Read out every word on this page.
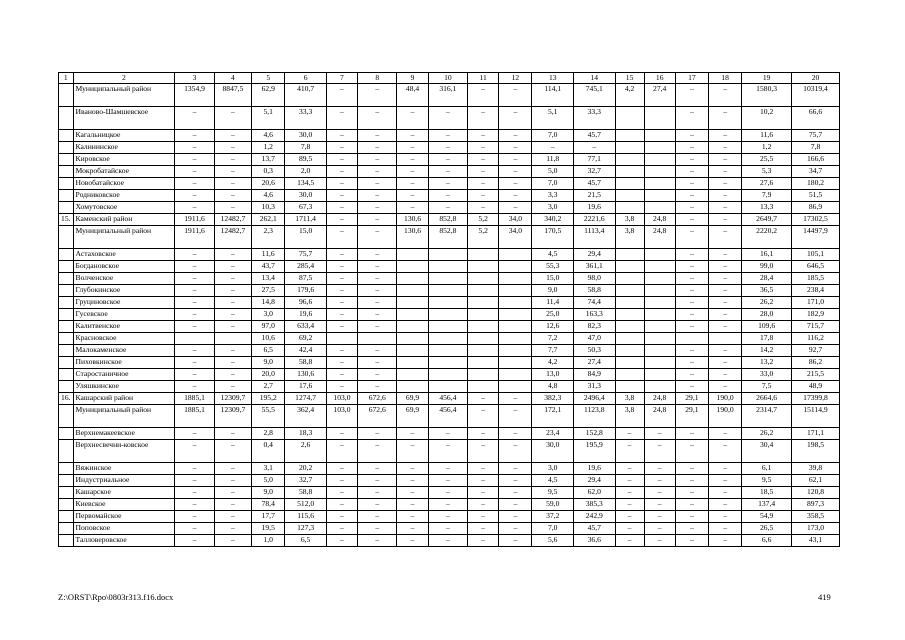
1	2	3	4	5	6	7	8	9	10	11	12	13	14	15	16	17	18	19	20
	Муниципальный район	1354,9	8847,5	62,9	410,7	–	–	48,4	316,1	–	–	114,1	745,1	4,2	27,4	–	–	1580,3	10319,4
	Иваново-Шамшевское	–	–	5,1	33,3	–	–	–	–	–	–	5,1	33,3			–	–	10,2	66,6
	Кагальницкое	–	–	4,6	30,0	–	–	–	–	–	–	7,0	45,7			–	–	11,6	75,7
	Калининское	–	–	1,2	7,8	–	–	–	–	–	–	–	–			–	–	1,2	7,8
	Кировское	–	–	13,7	89,5	–	–	–	–	–	–	11,8	77,1			–	–	25,5	166,6
	Мокробатайское	–	–	0,3	2,0	–	–	–	–	–	–	5,0	32,7			–	–	5,3	34,7
	Новобатайское	–	–	20,6	134,5	–	–	–	–	–	–	7,0	45,7			–	–	27,6	180,2
	Родниковское	–	–	4,6	30,0	–	–	–	–	–	–	3,3	21,5			–	–	7,9	51,5
	Хомутовское	–	–	10,3	67,3	–	–	–	–	–	–	3,0	19,6			–	–	13,3	86,9
15.	Каменский район	1911,6	12482,7	262,1	1711,4	–	–	130,6	852,8	5,2	34,0	340,2	2221,6	3,8	24,8	–	–	2649,7	17302,5
	Муниципальный район	1911,6	12482,7	2,3	15,0	–	–	130,6	852,8	5,2	34,0	170,5	1113,4	3,8	24,8	–	–	2220,2	14497,9
	Астаховское	–	–	11,6	75,7	–	–					4,5	29,4			–	–	16,1	105,1
	Богдановское	–	–	43,7	285,4	–	–					55,3	361,1			–	–	99,0	646,5
	Волченское	–	–	13,4	87,5	–	–					15,0	98,0			–	–	28,4	185,5
	Глубокинское	–	–	27,5	179,6	–	–					9,0	58,8			–	–	36,5	238,4
	Груциновское	–	–	14,8	96,6	–	–					11,4	74,4			–	–	26,2	171,0
	Гусевское	–	–	3,0	19,6	–	–					25,0	163,3			–	–	28,0	182,9
	Калитвенское	–	–	97,0	633,4	–	–					12,6	82,3			–	–	109,6	715,7
	Красновское			10,6	69,2							7,2	47,0					17,8	116,2
	Малокаменское	–	–	6,5	42,4	–	–					7,7	50,3			–	–	14,2	92,7
	Пиховкинское	–	–	9,0	58,8	–	–					4,2	27,4			–	–	13,2	86,2
	Старостаничное	–	–	20,0	130,6	–	–					13,0	84,9			–	–	33,0	215,5
	Уляшкинское	–	–	2,7	17,6	–	–					4,8	31,3			–	–	7,5	48,9
16.	Кашарский район	1885,1	12309,7	195,2	1274,7	103,0	672,6	69,9	456,4	–	–	382,3	2496,4	3,8	24,8	29,1	190,0	2664,6	17399,8
	Муниципальный район	1885,1	12309,7	55,5	362,4	103,0	672,6	69,9	456,4	–	–	172,1	1123,8	3,8	24,8	29,1	190,0	2314,7	15114,9
	Верхнемакеевское	–	–	2,8	18,3	–	–	–	–	–	–	23,4	152,8	–	–	–	–	26,2	171,1
	Верхнесвечни-ковское	–	–	0,4	2,6	–	–	–	–	–	–	30,0	195,9	–	–	–	–	30,4	198,5
	Вяжинское	–	–	3,1	20,2	–	–	–	–	–	–	3,0	19,6	–	–	–	–	6,1	39,8
	Индустриальное	–	–	5,0	32,7	–	–	–	–	–	–	4,5	29,4	–	–	–	–	9,5	62,1
	Кашарское	–	–	9,0	58,8	–	–	–	–	–	–	9,5	62,0	–	–	–	–	18,5	120,8
	Киевское	–	–	78,4	512,0	–	–	–	–	–	–	59,0	385,3	–	–	–	–	137,4	897,3
	Первомайское	–	–	17,7	115,6	–	–	–	–	–	–	37,2	242,9	–	–	–	–	54,9	358,5
	Поповское	–	–	19,5	127,3	–	–	–	–	–	–	7,0	45,7	–	–	–	–	26,5	173,0
	Талловеровское	–	–	1,0	6,5	–	–	–	–	–	–	5,6	36,6	–	–	–	–	6,6	43,1
Z:\ORST\Rpo\0803r313.f16.docx	419
